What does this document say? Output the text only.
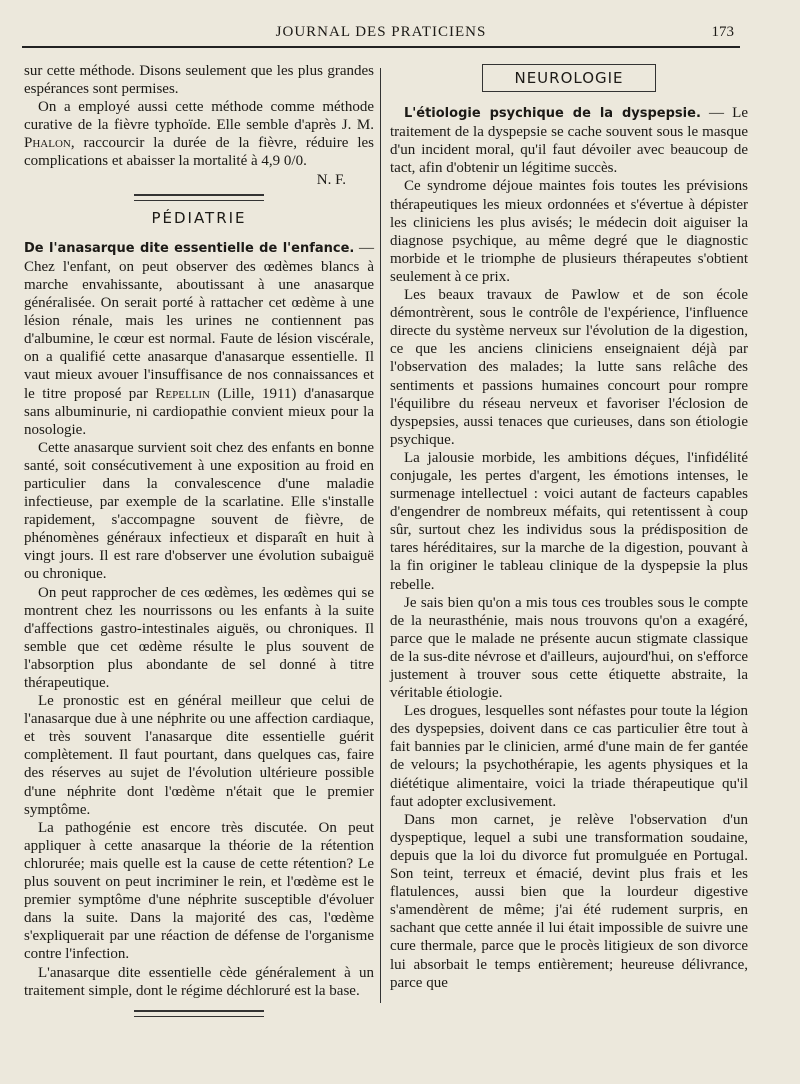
JOURNAL DES PRATICIENS	173

sur cette méthode. Disons seulement que les plus grandes espérances sont permises.

On a employé aussi cette méthode comme méthode curative de la fièvre typhoïde. Elle semble d'après J. M. Phalon, raccourcir la durée de la fièvre, réduire les complications et abaisser la mortalité à 4,9 0/0.

N. F.

PÉDIATRIE

De l'anasarque dite essentielle de l'enfance. — Chez l'enfant, on peut observer des œdèmes blancs à marche envahissante, aboutissant à une anasarque généralisée. On serait porté à rattacher cet œdème à une lésion rénale, mais les urines ne contiennent pas d'albumine, le cœur est normal. Faute de lésion viscérale, on a qualifié cette anasarque d'anasarque essentielle. Il vaut mieux avouer l'insuffisance de nos connaissances et le titre proposé par Repellin (Lille, 1911) d'anasarque sans albuminurie, ni cardiopathie convient mieux pour la nosologie.

Cette anasarque survient soit chez des enfants en bonne santé, soit consécutivement à une exposition au froid en particulier dans la convalescence d'une maladie infectieuse, par exemple de la scarlatine. Elle s'installe rapidement, s'accompagne souvent de fièvre, de phénomènes généraux infectieux et disparaît en huit à vingt jours. Il est rare d'observer une évolution subaiguë ou chronique.

On peut rapprocher de ces œdèmes, les œdèmes qui se montrent chez les nourrissons ou les enfants à la suite d'affections gastro-intestinales aiguës, ou chroniques. Il semble que cet œdème résulte le plus souvent de l'absorption plus abondante de sel donné à titre thérapeutique.

Le pronostic est en général meilleur que celui de l'anasarque due à une néphrite ou une affection cardiaque, et très souvent l'anasarque dite essentielle guérit complètement. Il faut pourtant, dans quelques cas, faire des réserves au sujet de l'évolution ultérieure possible d'une néphrite dont l'œdème n'était que le premier symptôme.

La pathogénie est encore très discutée. On peut appliquer à cette anasarque la théorie de la rétention chlorurée; mais quelle est la cause de cette rétention? Le plus souvent on peut incriminer le rein, et l'œdème est le premier symptôme d'une néphrite susceptible d'évoluer dans la suite. Dans la majorité des cas, l'œdème s'expliquerait par une réaction de défense de l'organisme contre l'infection.

L'anasarque dite essentielle cède généralement à un traitement simple, dont le régime déchloruré est la base.

NEUROLOGIE

L'étiologie psychique de la dyspepsie. — Le traitement de la dyspepsie se cache souvent sous le masque d'un incident moral, qu'il faut dévoiler avec beaucoup de tact, afin d'obtenir un légitime succès.

Ce syndrome déjoue maintes fois toutes les prévisions thérapeutiques les mieux ordonnées et s'évertue à dépister les cliniciens les plus avisés; le médecin doit aiguiser la diagnose psychique, au même degré que le diagnostic morbide et le triomphe de plusieurs thérapeutes s'obtient seulement à ce prix.

Les beaux travaux de Pawlow et de son école démontrèrent, sous le contrôle de l'expérience, l'influence directe du système nerveux sur l'évolution de la digestion, ce que les anciens cliniciens enseignaient déjà par l'observation des malades; la lutte sans relâche des sentiments et passions humaines concourt pour rompre l'équilibre du réseau nerveux et favoriser l'éclosion de dyspepsies, aussi tenaces que curieuses, dans son étiologie psychique.

La jalousie morbide, les ambitions déçues, l'infidélité conjugale, les pertes d'argent, les émotions intenses, le surmenage intellectuel : voici autant de facteurs capables d'engendrer de nombreux méfaits, qui retentissent à coup sûr, surtout chez les individus sous la prédisposition de tares héréditaires, sur la marche de la digestion, pouvant à la fin originer le tableau clinique de la dyspepsie la plus rebelle.

Je sais bien qu'on a mis tous ces troubles sous le compte de la neurasthénie, mais nous trouvons qu'on a exagéré, parce que le malade ne présente aucun stigmate classique de la sus-dite névrose et d'ailleurs, aujourd'hui, on s'efforce justement à trouver sous cette étiquette abstraite, la véritable étiologie.

Les drogues, lesquelles sont néfastes pour toute la légion des dyspepsies, doivent dans ce cas particulier être tout à fait bannies par le clinicien, armé d'une main de fer gantée de velours; la psychothérapie, les agents physiques et la diététique alimentaire, voici la triade thérapeutique qu'il faut adopter exclusivement.

Dans mon carnet, je relève l'observation d'un dyspeptique, lequel a subi une transformation soudaine, depuis que la loi du divorce fut promulguée en Portugal. Son teint, terreux et émacié, devint plus frais et les flatulences, aussi bien que la lourdeur digestive s'amendèrent de même; j'ai été rudement surpris, en sachant que cette année il lui était impossible de suivre une cure thermale, parce que le procès litigieux de son divorce lui absorbait le temps entièrement; heureuse délivrance, parce que
